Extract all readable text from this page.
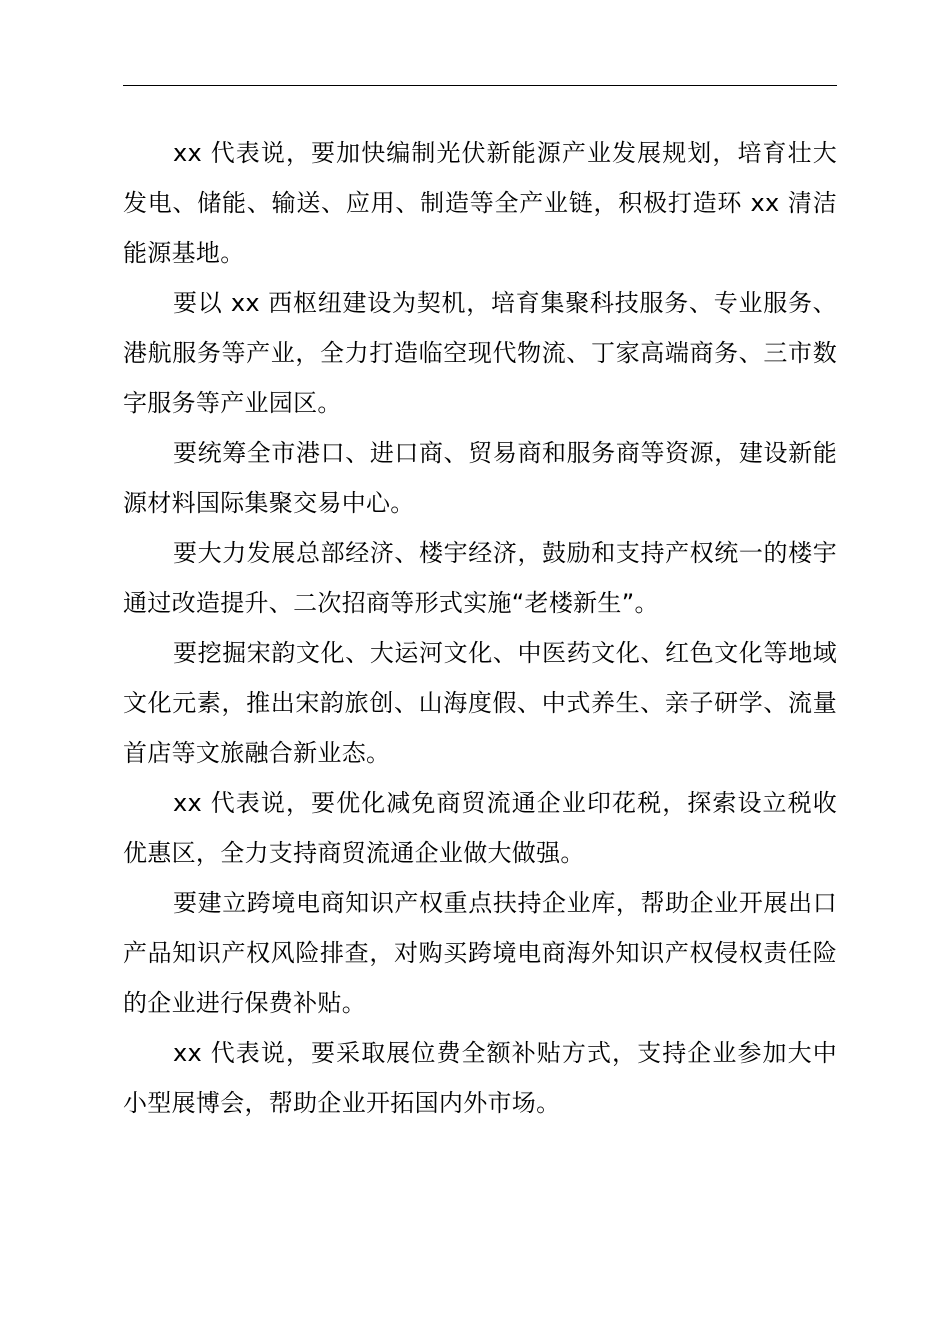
xx 代表说，要加快编制光伏新能源产业发展规划，培育壮大发电、储能、输送、应用、制造等全产业链，积极打造环 xx 清洁能源基地。

要以 xx 西枢纽建设为契机，培育集聚科技服务、专业服务、港航服务等产业，全力打造临空现代物流、丁家高端商务、三市数字服务等产业园区。

要统筹全市港口、进口商、贸易商和服务商等资源，建设新能源材料国际集聚交易中心。

要大力发展总部经济、楼宇经济，鼓励和支持产权统一的楼宇通过改造提升、二次招商等形式实施“老楼新生”。

要挖掘宋韵文化、大运河文化、中医药文化、红色文化等地域文化元素，推出宋韵旅创、山海度假、中式养生、亲子研学、流量首店等文旅融合新业态。

xx 代表说，要优化减免商贸流通企业印花税，探索设立税收优惠区，全力支持商贸流通企业做大做强。

要建立跨境电商知识产权重点扶持企业库，帮助企业开展出口产品知识产权风险排查，对购买跨境电商海外知识产权侵权责任险的企业进行保费补贴。

xx 代表说，要采取展位费全额补贴方式，支持企业参加大中小型展博会，帮助企业开拓国内外市场。
